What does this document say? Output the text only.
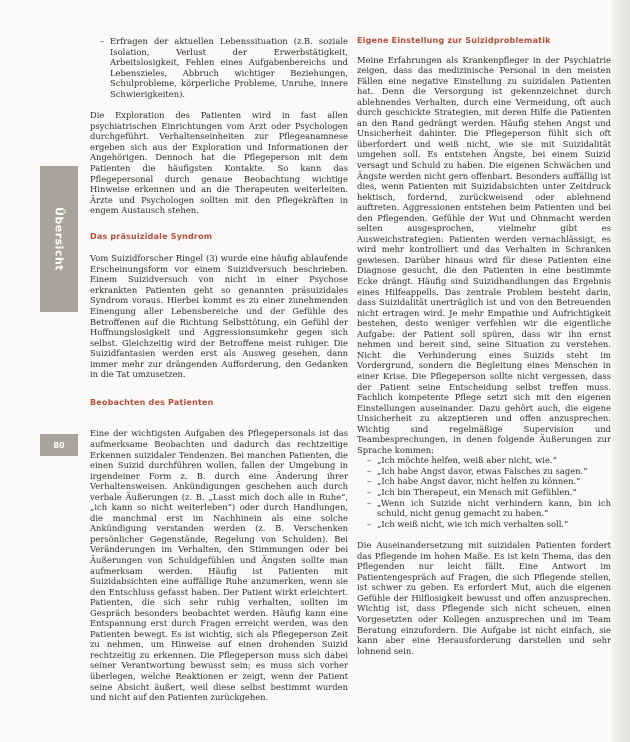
Übersicht
80
– Erfragen der aktuellen Lebenssituation (z.B. soziale Isolation, Verlust der Erwerbstätigkeit, Arbeitslosigkeit, Fehlen eines Aufgabenbereichs und Lebenszieles, Abbruch wichtiger Beziehungen, Schulprobleme, körperliche Probleme, Unruhe, innere Schwierigkeiten).

Die Exploration des Patienten wird in fast allen psychiatrischen Einrichtungen vom Arzt oder Psychologen durchgeführt. Verhaltenseinheiten zur Pflegeanamnese ergeben sich aus der Exploration und Informationen der Angehörigen. Dennoch hat die Pflegeperson mit dem Patienten die häufigsten Kontakte. So kann das Pflegepersonal durch genaue Beobachtung wichtige Hinweise erkennen und an die Therapeuten weiterleiten. Ärzte und Psychologen sollten mit den Pflegekräften in engem Austausch stehen.

Das präsuizidale Syndrom

Vom Suizidforscher Ringel (3) wurde eine häufig ablaufende Erscheinungsform vor einem Suizidversuch beschrieben. Einem Suizidversuch von nicht in einer Psychose erkrankten Patienten geht so genannten präsuizidales Syndrom voraus. Hierbei kommt es zu einer zunehmenden Einengung aller Lebensbereiche und der Gefühle des Betroffenen auf die Richtung Selbsttötung, ein Gefühl der Hoffnungslosigkeit und Aggressionsumkehr gegen sich selbst. Gleichzeitig wird der Betroffene meist ruhiger. Die Suizidfantasien werden erst als Ausweg gesehen, dann immer mehr zur drängenden Aufforderung, den Gedanken in die Tat umzusetzen.

Beobachten des Patienten

Eine der wichtigsten Aufgaben des Pflegepersonals ist das aufmerksame Beobachten und dadurch das rechtzeitige Erkennen suizidaler Tendenzen. Bei manchen Patienten, die einen Suizid durchführen wollen, fallen der Umgebung in irgendeiner Form z. B. durch eine Änderung ihrer Verhaltensweisen. Ankündigungen geschehen auch durch verbale Äußerungen (z. B. „Lasst mich doch alle in Ruhe“, „ich kann so nicht weiterleben“) oder durch Handlungen, die manchmal erst im Nachhinein als eine solche Ankündigung verstanden werden (z. B. Verschenken persönlicher Gegenstände, Regelung von Schulden). Bei Veränderungen im Verhalten, den Stimmungen oder bei Äußerungen von Schuldgefühlen und Ängsten sollte man aufmerksam werden. Häufig ist Patienten mit Suizidabsichten eine auffällige Ruhe anzumerken, wenn sie den Entschluss gefasst haben. Der Patient wirkt erleichtert. Patienten, die sich sehr ruhig verhalten, sollten im Gespräch besonders beobachtet werden. Häufig kann eine Entspannung erst durch Fragen erreicht werden, was den Patienten bewegt. Es ist wichtig, sich als Pflegeperson Zeit zu nehmen, um Hinweise auf einen drohenden Suizid rechtzeitig zu erkennen. Die Pflegeperson muss sich dabei seiner Verantwortung bewusst sein; es muss sich vorher überlegen, welche Reaktionen er zeigt, wenn der Patient seine Absicht äußert, weil diese selbst bestimmt wurden und nicht auf den Patienten zurückgehen.

Eigene Einstellung zur Suizidproblematik

Meine Erfahrungen als Krankenpfleger in der Psychiatrie zeigen, dass das medizinische Personal in den meisten Fällen eine negative Einstellung zu suizidalen Patienten hat. Denn die Versorgung ist gekennzeichnet durch ablehnendes Verhalten, durch eine Vermeidung, oft auch durch geschickte Strategien, mit deren Hilfe die Patienten an den Rand gedrängt werden. Häufig stehen Angst und Unsicherheit dahinter. Die Pflegeperson fühlt sich oft überfordert und weiß nicht, wie sie mit Suizidalität umgehen soll. Es entstehen Ängste, bei einem Suizid versagt und Schuld zu haben. Die eigenen Schwächen und Ängste werden nicht gern offenbart. Besonders auffällig ist dies, wenn Patienten mit Suizidabsichten unter Zeitdruck hektisch, fordernd, zurückweisend oder ablehnend auftreten. Aggressionen entstehen beim Patienten und bei den Pflegenden. Gefühle der Wut und Ohnmacht werden selten ausgesprochen, vielmehr gibt es Ausweichstrategien: Patienten werden vernachlässigt, es wird mehr kontrolliert und das Verhalten in Schranken gewiesen. Darüber hinaus wird für diese Patienten eine Diagnose gesucht, die den Patienten in eine bestimmte Ecke drängt. Häufig sind Suizidhandlungen das Ergebnis eines Hilfeappells. Das zentrale Problem besteht darin, dass Suizidalität unerträglich ist und von den Betreuenden nicht ertragen wird. Je mehr Empathie und Aufrichtigkeit bestehen, desto weniger verfehlen wir die eigentliche Aufgabe: der Patient soll spüren, dass wir ihn ernst nehmen und bereit sind, seine Situation zu verstehen. Nicht die Verhinderung eines Suizids steht im Vordergrund, sondern die Begleitung eines Menschen in einer Krise. Die Pflegeperson sollte nicht vergessen, dass der Patient seine Entscheidung selbst treffen muss. Fachlich kompetente Pflege setzt sich mit den eigenen Einstellungen auseinander. Dazu gehört auch, die eigene Unsicherheit zu akzeptieren und offen anzusprechen. Wichtig sind regelmäßige Supervision und Teambesprechungen, in denen folgende Äußerungen zur Sprache kommen:

– „Ich möchte helfen, weiß aber nicht, wie.“
– „Ich habe Angst davor, etwas Falsches zu sagen.“
– „Ich habe Angst davor, nicht helfen zu können.“
– „Ich bin Therapeut, ein Mensch mit Gefühlen.“
– „Wenn ich Suizide nicht verhindern kann, bin ich schuld, nicht genug gemacht zu haben.“
– „Ich weiß nicht, wie ich mich verhalten soll.“

Die Auseinandersetzung mit suizidalen Patienten fordert das Pflegende im hohen Maße. Es ist kein Thema, das den Pflegenden nur leicht fällt. Eine Antwort im Patientengespräch auf Fragen, die sich Pflegende stellen, ist schwer zu geben. Es erfordert Mut, auch die eigenen Gefühle der Hilflosigkeit bewusst und offen anzusprechen. Wichtig ist, dass Pflegende sich nicht scheuen, einen Vorgesetzten oder Kollegen anzusprechen und im Team Beratung einzufordern. Die Aufgabe ist nicht einfach, sie kann aber eine Herausforderung darstellen und sehr lohnend sein.
